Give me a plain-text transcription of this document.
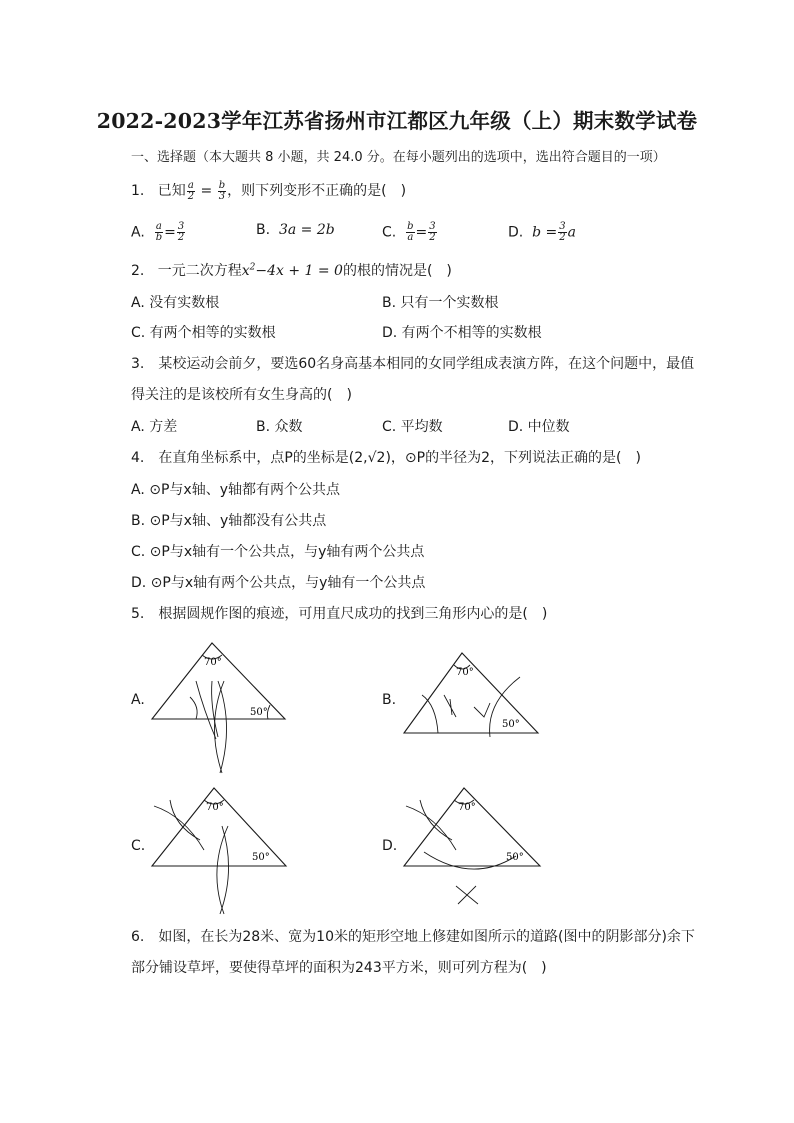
2022-2023学年江苏省扬州市江都区九年级（上）期末数学试卷
一、选择题（本大题共 8 小题，共 24.0 分。在每小题列出的选项中，选出符合题目的一项）
1. 已知 $\frac{a}{2} = \frac{b}{3}$ ，则下列变形不正确的是(　)
A. $\frac{a}{b} = \frac{3}{2}$	B. 3a = 2b	C. $\frac{b}{a} = \frac{3}{2}$	D. $b = \frac{3}{2}$ a
2. 一元二次方程$x^2-4x + 1 = 0$的根的情况是(　)
A. 没有实数根	B. 只有一个实数根
C. 有两个相等的实数根	D. 有两个不相等的实数根
3.　某校运动会前夕，要选60名身高基本相同的女同学组成表演方阵，在这个问题中，最值
得关注的是该校所有女生身高的(　)
A. 方差	B. 众数	C. 平均数	D. 中位数
4.　在直角坐标系中，点P的坐标是(2,√2)，⊙P的半径为2，下列说法正确的是(　)
A. ⊙P与x轴、y轴都有两个公共点
B. ⊙P与x轴、y轴都没有公共点
C. ⊙P与x轴有一个公共点，与y轴有两个公共点
D. ⊙P与x轴有两个公共点，与y轴有一个公共点
5.　根据圆规作图的痕迹，可用直尺成功的找到三角形内心的是(　)
A.
70°
50°
B.
70°
50°
C.
70°
50°
D.
70°
50°
6.　如图，在长为28米、宽为10米的矩形空地上修建如图所示的道路(图中的阴影部分)余下
部分铺设草坪，要使得草坪的面积为243平方米，则可列方程为(　)
